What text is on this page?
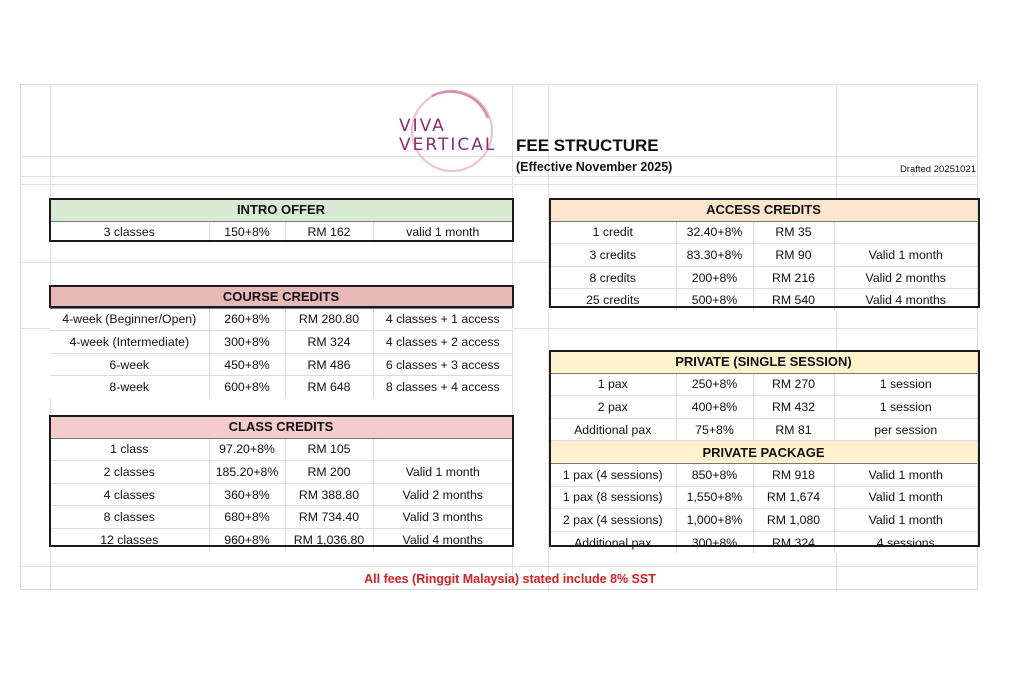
VIVA
VERTICAL FEE STRUCTURE
(Effective November 2025)	Drafted 20251021
INTRO OFFER
3 classes	150+8%	RM 162	valid 1 month
COURSE CREDITS			
4-week (Beginner/Open)	260+8%	RM 280.80	4 classes + 1 access
4-week (Intermediate)	300+8%	RM 324	4 classes + 2 access
6-week	450+8%	RM 486	6 classes + 3 access
8-week	600+8%	RM 648	8 classes + 4 access
CLASS CREDITS			
1 class	97.20+8%	RM 105	
2 classes	185.20+8%	RM 200	Valid 1 month
4 classes	360+8%	RM 388.80	Valid 2 months
8 classes	680+8%	RM 734.40	Valid 3 months
12 classes	960+8%	RM 1,036.80	Valid 4 months
ACCESS CREDITS			
1 credit	32.40+8%	RM 35	
3 credits	83.30+8%	RM 90	Valid 1 month
8 credits	200+8%	RM 216	Valid 2 months
25 credits	500+8%	RM 540	Valid 4 months
PRIVATE (SINGLE SESSION)			
1 pax	250+8%	RM 270	1 session
2 pax	400+8%	RM 432	1 session
Additional pax	75+8%	RM 81	per session
PRIVATE PACKAGE			
1 pax (4 sessions)	850+8%	RM 918	Valid 1 month
1 pax (8 sessions)	1,550+8%	RM 1,674	Valid 1 month
2 pax (4 sessions)	1,000+8%	RM 1,080	Valid 1 month
Additional pax	300+8%	RM 324	4 sessions
All fees (Ringgit Malaysia) stated include 8% SST
